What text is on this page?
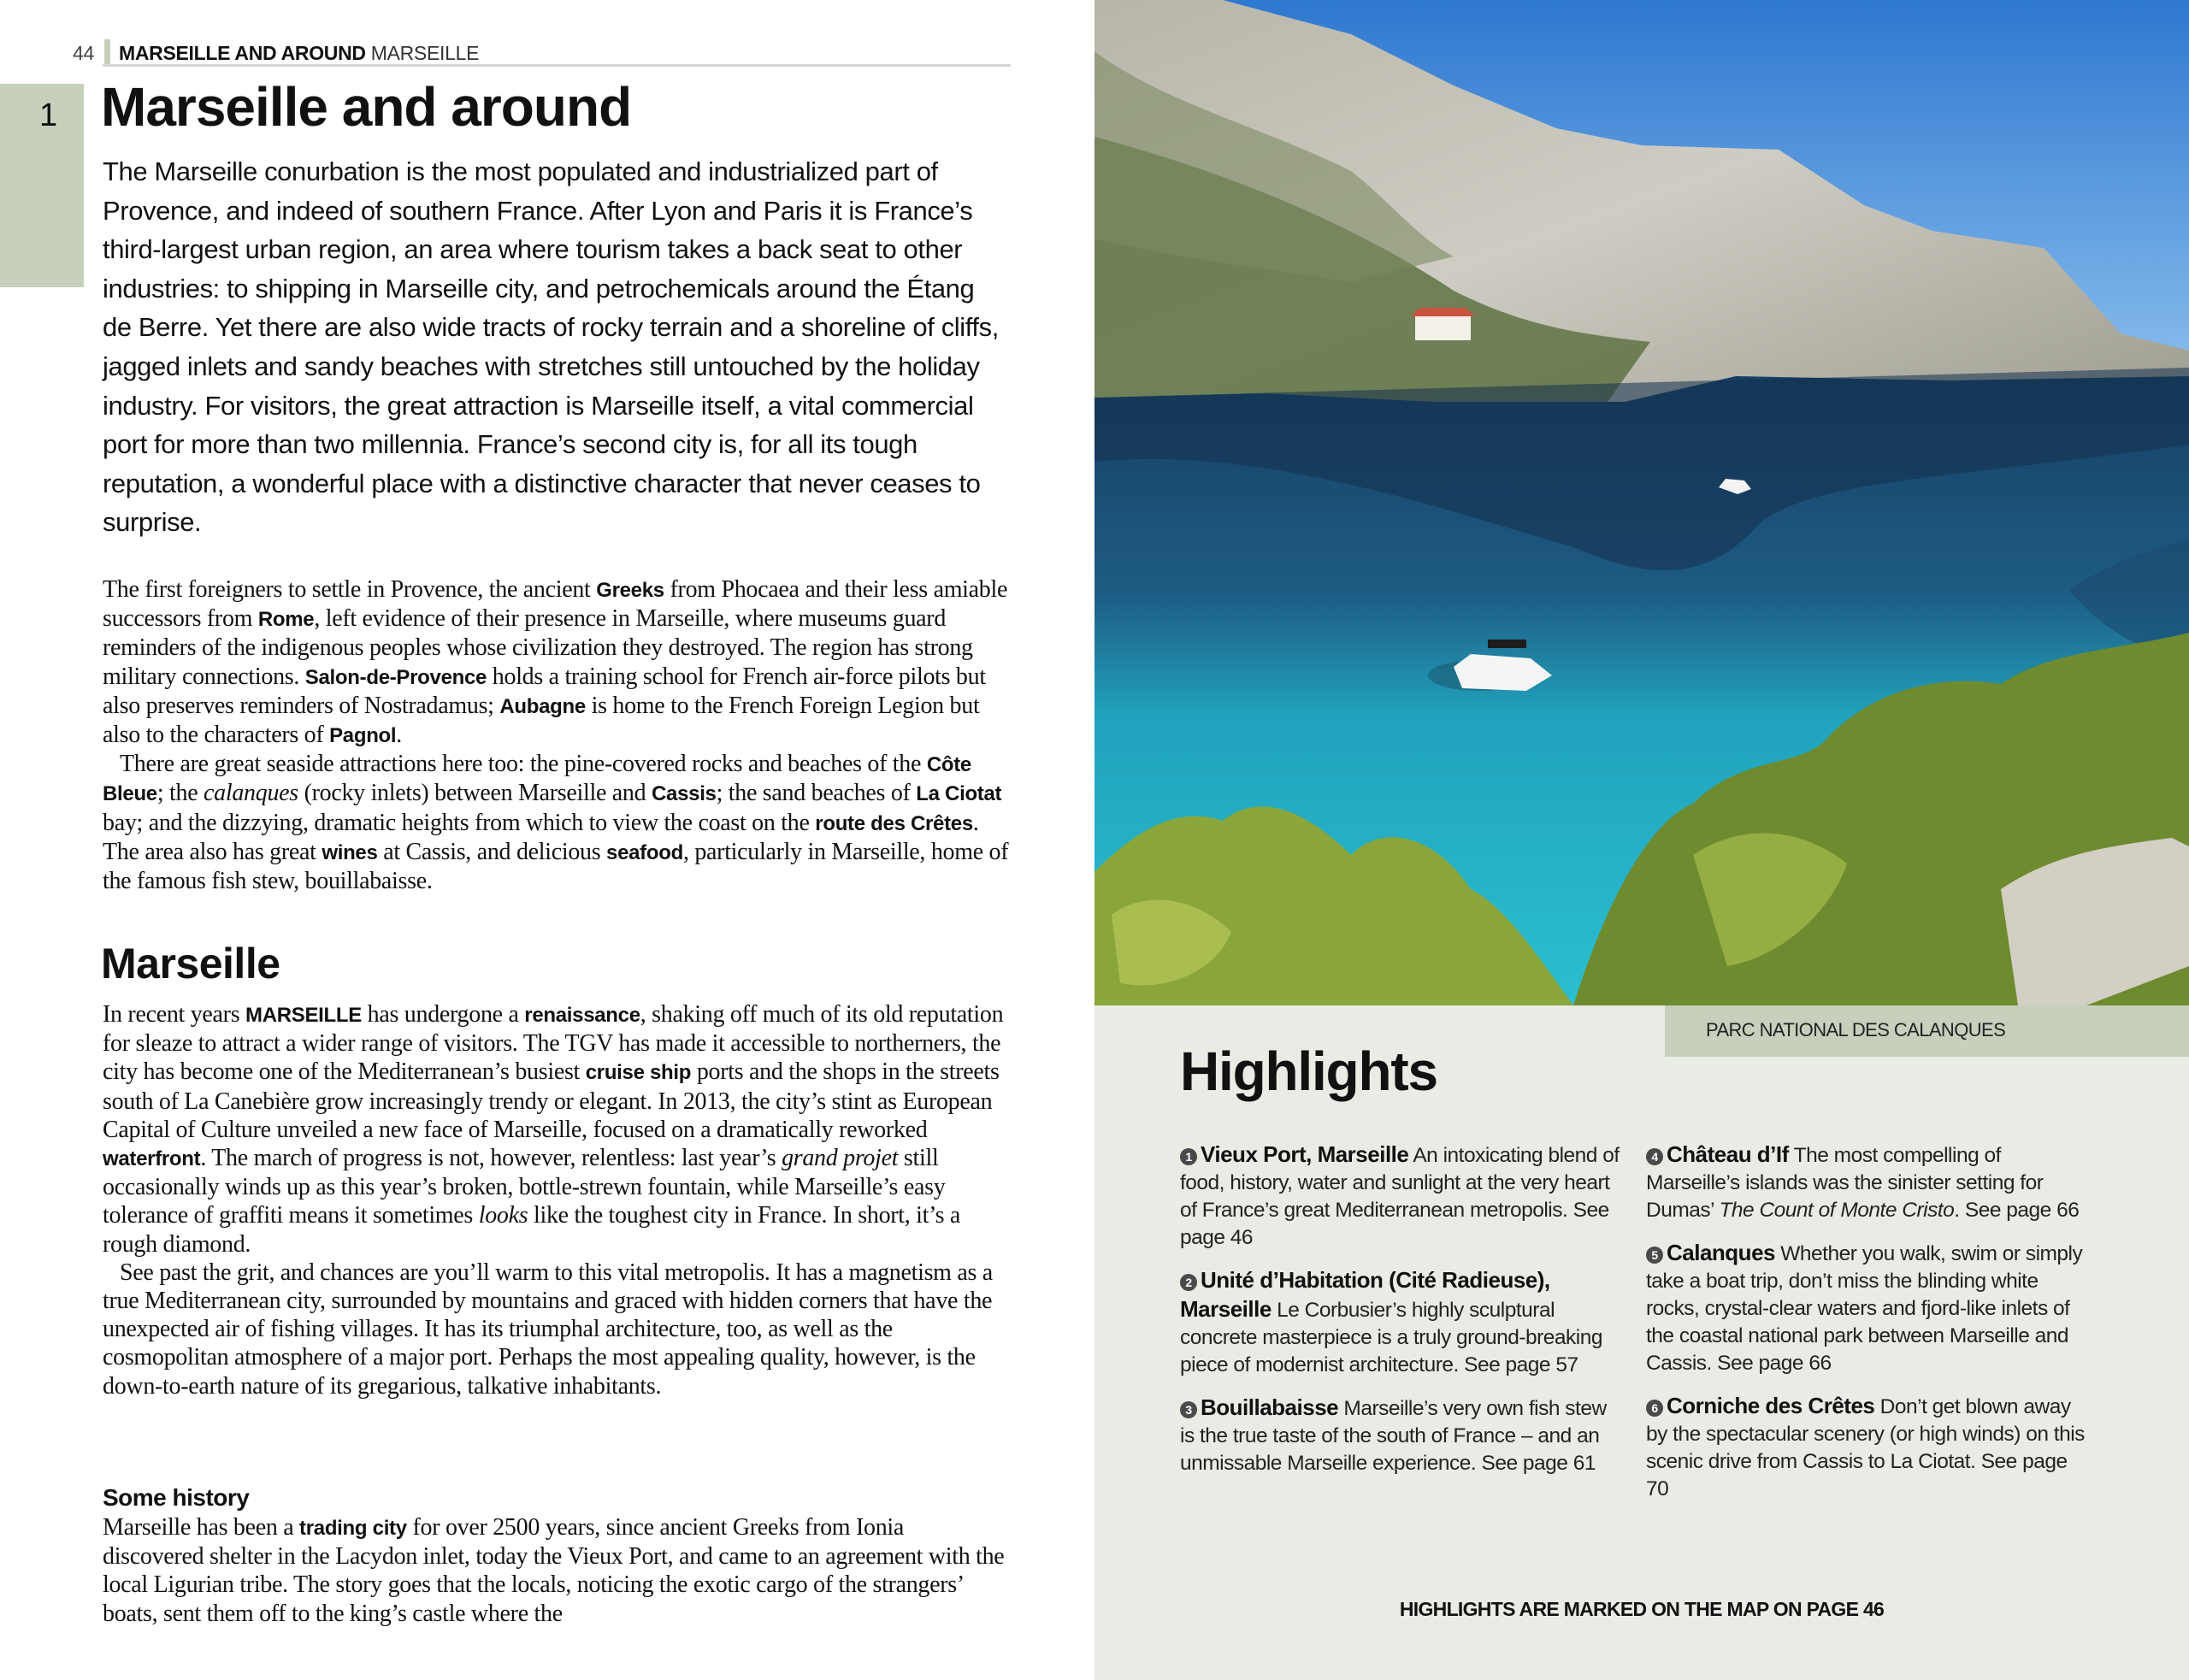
44 MARSEILLE AND AROUND MARSEILLE
1 Marseille and around

The Marseille conurbation is the most populated and industrialized part of Provence, and indeed of southern France. After Lyon and Paris it is France’s third-largest urban region, an area where tourism takes a back seat to other industries: to shipping in Marseille city, and petrochemicals around the Étang de Berre. Yet there are also wide tracts of rocky terrain and a shoreline of cliffs, jagged inlets and sandy beaches with stretches still untouched by the holiday industry. For visitors, the great attraction is Marseille itself, a vital commercial port for more than two millennia. France’s second city is, for all its tough reputation, a wonderful place with a distinctive character that never ceases to surprise.

The first foreigners to settle in Provence, the ancient Greeks from Phocaea and their less amiable successors from Rome, left evidence of their presence in Marseille, where museums guard reminders of the indigenous peoples whose civilization they destroyed. The region has strong military connections. Salon-de-Provence holds a training school for French air-force pilots but also preserves reminders of Nostradamus; Aubagne is home to the French Foreign Legion but also to the characters of Pagnol.
There are great seaside attractions here too: the pine-covered rocks and beaches of the Côte Bleue; the calanques (rocky inlets) between Marseille and Cassis; the sand beaches of La Ciotat bay; and the dizzying, dramatic heights from which to view the coast on the route des Crêtes. The area also has great wines at Cassis, and delicious seafood, particularly in Marseille, home of the famous fish stew, bouillabaisse.

Marseille

In recent years MARSEILLE has undergone a renaissance, shaking off much of its old reputation for sleaze to attract a wider range of visitors. The TGV has made it accessible to northerners, the city has become one of the Mediterranean’s busiest cruise ship ports and the shops in the streets south of La Canebière grow increasingly trendy or elegant. In 2013, the city’s stint as European Capital of Culture unveiled a new face of Marseille, focused on a dramatically reworked waterfront. The march of progress is not, however, relentless: last year’s grand projet still occasionally winds up as this year’s broken, bottle-strewn fountain, while Marseille’s easy tolerance of graffiti means it sometimes looks like the toughest city in France. In short, it’s a rough diamond.
See past the grit, and chances are you’ll warm to this vital metropolis. It has a magnetism as a true Mediterranean city, surrounded by mountains and graced with hidden corners that have the unexpected air of fishing villages. It has its triumphal architecture, too, as well as the cosmopolitan atmosphere of a major port. Perhaps the most appealing quality, however, is the down-to-earth nature of its gregarious, talkative inhabitants.

Some history

Marseille has been a trading city for over 2500 years, since ancient Greeks from Ionia discovered shelter in the Lacydon inlet, today the Vieux Port, and came to an agreement with the local Ligurian tribe. The story goes that the locals, noticing the exotic cargo of the strangers’ boats, sent them off to the king’s castle where the

PARC NATIONAL DES CALANQUES
Highlights

1 Vieux Port, Marseille An intoxicating blend of food, history, water and sunlight at the very heart of France’s great Mediterranean metropolis. See page 46

2 Unité d’Habitation (Cité Radieuse), Marseille Le Corbusier’s highly sculptural concrete masterpiece is a truly ground-breaking piece of modernist architecture. See page 57

3 Bouillabaisse Marseille’s very own fish stew is the true taste of the south of France – and an unmissable Marseille experience. See page 61

4 Château d’If The most compelling of Marseille’s islands was the sinister setting for Dumas’ The Count of Monte Cristo. See page 66

5 Calanques Whether you walk, swim or simply take a boat trip, don’t miss the blinding white rocks, crystal-clear waters and fjord-like inlets of the coastal national park between Marseille and Cassis. See page 66

6 Corniche des Crêtes Don’t get blown away by the spectacular scenery (or high winds) on this scenic drive from Cassis to La Ciotat. See page 70

HIGHLIGHTS ARE MARKED ON THE MAP ON PAGE 46
